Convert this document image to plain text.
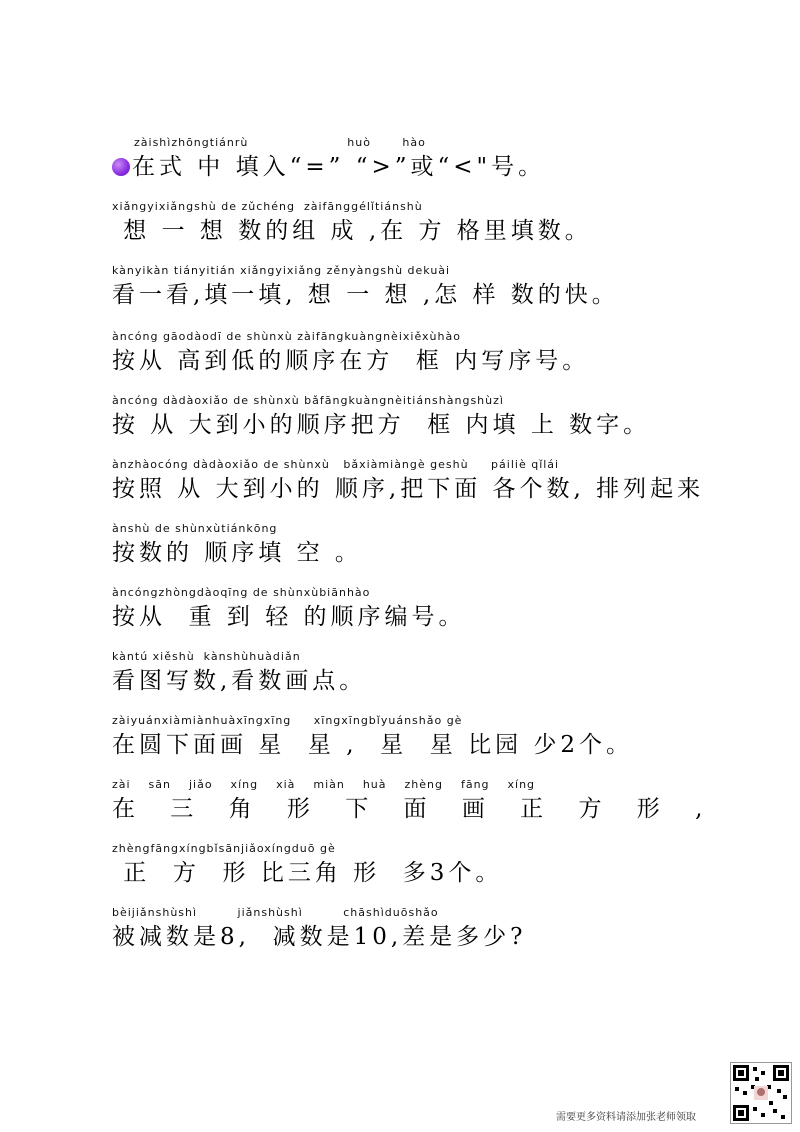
zàishìzhōngtiánrù                      huò       hào
在式 中 填入“=” “>”或“<"号。
xiǎngyixiǎngshù de zǔchéng  zàifānggélǐtiánshù
想 一 想 数的组 成 ,在 方 格里填数。
kànyikàn tiányitián xiǎngyixiǎng zěnyàngshù dekuài
看一看,填一填, 想 一 想 ,怎 样 数的快。
àncóng gāodàodī de shùnxù zàifāngkuàngnèixiěxùhào
按从 高到低的顺序在方  框 内写序号。
àncóng dàdàoxiǎo de shùnxù bǎfāngkuàngnèitiánshàngshùzì
按 从 大到小的顺序把方  框 内填 上 数字。
ànzhàocóng dàdàoxiǎo de shùnxù   bǎxiàmiàngè geshù     páiliè qǐlái
按照 从 大到小的 顺序,把下面 各个数, 排列起来
ànshù de shùnxùtiánkōng
按数的 顺序填 空 。
àncóngzhòngdàoqīng de shùnxùbiānhào
按从  重 到 轻 的顺序编号。
kàntú xiěshù  kànshùhuàdiǎn
看图写数,看数画点。
zàiyuánxiàmiànhuàxīngxīng     xīngxīngbǐyuánshǎo gè
在圆下面画 星  星 ,  星  星 比园 少2个。
zài    sān    jiǎo    xíng    xià    miàn    huà    zhèng    fāng    xíng
在 三 角 形 下 面 画 正 方 形 ,
zhèngfāngxíngbǐsānjiǎoxíngduō gè
正  方  形 比三角 形  多3个。
bèijiǎnshùshì         jiǎnshùshì         chāshìduōshǎo
被减数是8,  减数是10,差是多少?
需要更多资料请添加张老师领取
